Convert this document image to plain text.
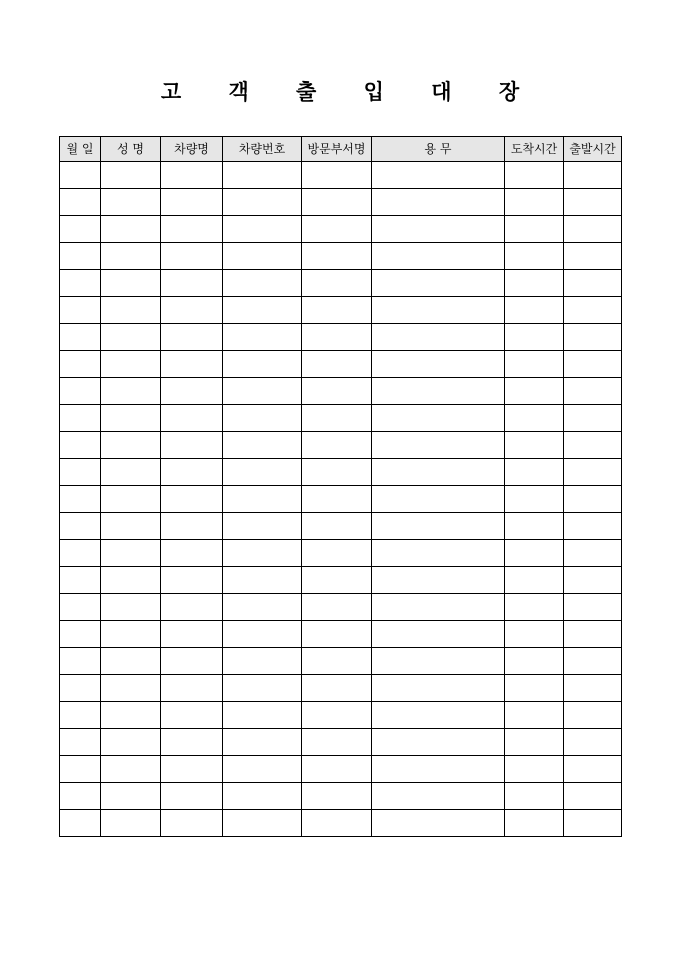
고 객 출 입 대 장
월 일	성 명	차량명	차량번호	방문부서명	용 무	도착시간	출발시간
